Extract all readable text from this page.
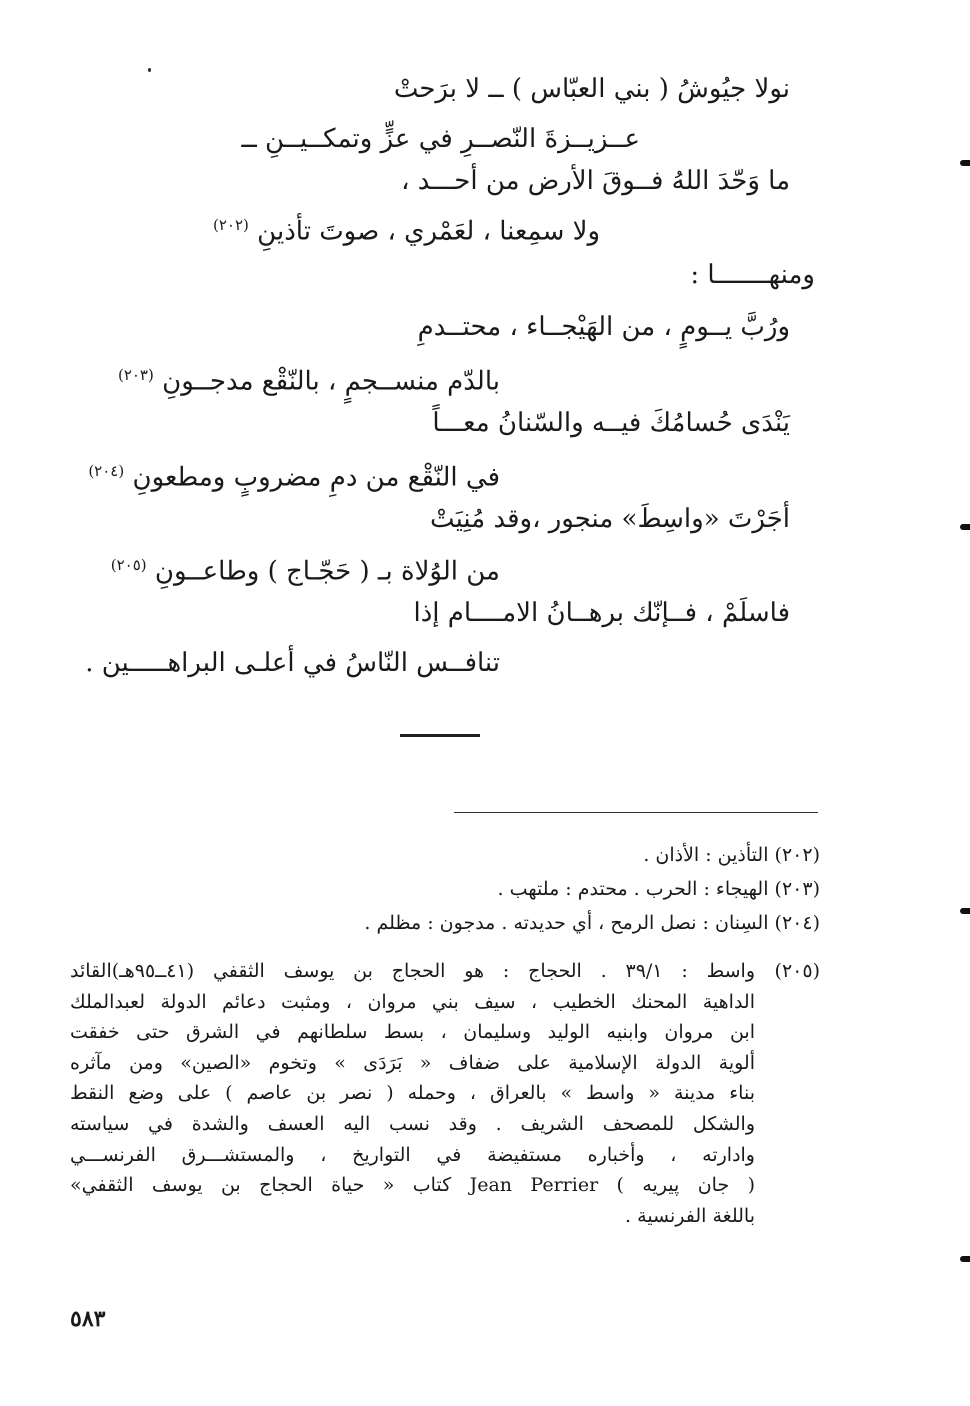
نولا جيُوشُ ( بني العبّاس ) ــ لا برَحتْ
عــزيــزةَ النّصــرِ في عزٍّ وتمكــيــنِ ــ
ما وَحّدَ اللهُ فــوقَ الأرض من أحـــد ،
ولا سمِعنا ، لعَمْري ، صوتَ تأذينِ $^{(٢٠٢)}$
ومنهـــــــا :
ورُبَّ يــومٍ ، من الهَيْجــاء ، محتــدمِ
بالدّم منســجمٍ ، بالنّقْع مدجــونِ $^{(٢٠٣)}$
يَنْدَى حُسامُكَ فيــه والسّنانُ معـــاً
في النّقْع من دمِ مضروبٍ ومطعونِ $^{(٢٠٤)}$
أجَرْتَ «واسِطَ» منجور ،وقد مُنِيَتْ
من الوُلاة بـ ( حَجّـاج ) وطاعــونِ $^{(٢٠٥)}$
فاسلَمْ ، فــإنّك برهــانُ الامــــام إذا
تنافــس النّاسُ في أعلـى البراهـــــين .
(٢٠٢) التأذين : الأذان .
(٢٠٣) الهيجاء : الحرب . محتدم : ملتهب .
(٢٠٤) السِنان : نصل الرمح ، أي حديدته . مدجون : مظلم .
(٢٠٥)
واسط : ٣٩/١ . الحجاج : هو الحجاج بن يوسف الثقفي (٤١ــ٩٥هـ)القائد
الداهية المحنك الخطيب ، سيف بني مروان ، ومثبت دعائم الدولة لعبدالملك
ابن مروان وابنيه الوليد وسليمان ، بسط سلطانهم في الشرق حتى خفقت
ألوية الدولة الإسلامية على ضفاف « بَرَدَى » وتخوم «الصين» ومن مآثره
بناء مدينة « واسط » بالعراق ، وحمله ( نصر بن عاصم ) على وضع النقط
والشكل للمصحف الشريف . وقد نسب اليه العسف والشدة في سياسته
وادارته ، وأخباره مستفيضة في التواريخ ، والمستشـــرق الفرنســـي
( جان پيريه ) Jean Perrier كتاب « حياة الحجاج بن يوسف الثقفي»
باللغة الفرنسية .
٥٨٣
